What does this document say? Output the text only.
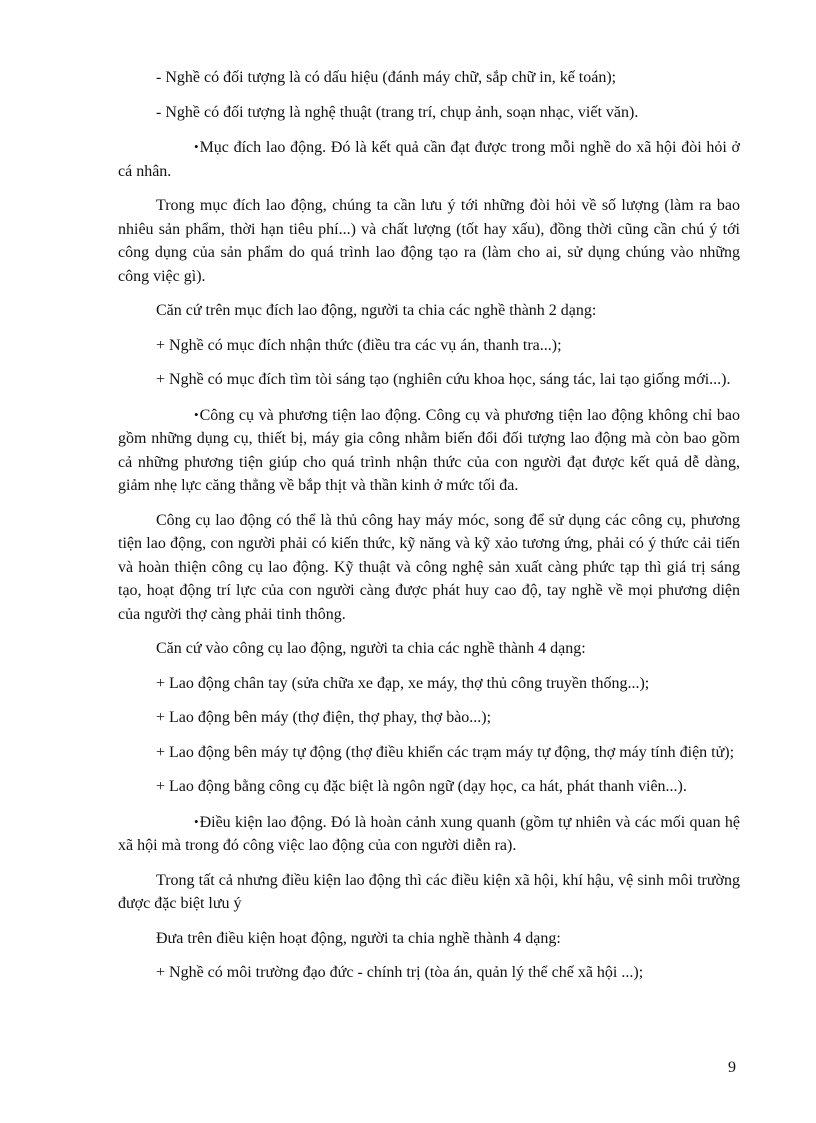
- Nghề có đối tượng là có dấu hiệu (đánh máy chữ, sắp chữ in, kế toán);

- Nghề có đối tượng là nghệ thuật (trang trí, chụp ảnh, soạn nhạc, viết văn).

•Mục đích lao động. Đó là kết quả cần đạt được trong mỗi nghề do xã hội đòi hỏi ở cá nhân.

Trong mục đích lao động, chúng ta cần lưu ý tới những đòi hỏi về số lượng (làm ra bao nhiêu sản phẩm, thời hạn tiêu phí...) và chất lượng (tốt hay xấu), đồng thời cũng cần chú ý tới công dụng của sản phẩm do quá trình lao động tạo ra (làm cho ai, sử dụng chúng vào những công việc gì).

Căn cứ trên mục đích lao động, người ta chia các nghề thành 2 dạng:

+ Nghề có mục đích nhận thức (điều tra các vụ án, thanh tra...);

+ Nghề có mục đích tìm tòi sáng tạo (nghiên cứu khoa học, sáng tác, lai tạo giống mới...).

•Công cụ và phương tiện lao động. Công cụ và phương tiện lao động không chỉ bao gồm những dụng cụ, thiết bị, máy gia công nhằm biến đổi đối tượng lao động mà còn bao gồm cả những phương tiện giúp cho quá trình nhận thức của con người đạt được kết quả dễ dàng, giảm nhẹ lực căng thẳng về bắp thịt và thần kinh ở mức tối đa.

Công cụ lao động có thể là thủ công hay máy móc, song để sử dụng các công cụ, phương tiện lao động, con người phải có kiến thức, kỹ năng và kỹ xảo tương ứng, phải có ý thức cải tiến và hoàn thiện công cụ lao động. Kỹ thuật và công nghệ sản xuất càng phức tạp thì giá trị sáng tạo, hoạt động trí lực của con người càng được phát huy cao độ, tay nghề về mọi phương diện của người thợ càng phải tinh thông.

Căn cứ vào công cụ lao động, người ta chia các nghề thành 4 dạng:

+ Lao động chân tay (sửa chữa xe đạp, xe máy, thợ thủ công truyền thống...);

+ Lao động bên máy (thợ điện, thợ phay, thợ bào...);

+ Lao động bên máy tự động (thợ điều khiển các trạm máy tự động, thợ máy tính điện tử);

+ Lao động bằng công cụ đặc biệt là ngôn ngữ (dạy học, ca hát, phát thanh viên...).

•Điều kiện lao động. Đó là hoàn cảnh xung quanh (gồm tự nhiên và các mối quan hệ xã hội mà trong đó công việc lao động của con người diễn ra).

Trong tất cả nhưng điều kiện lao động thì các điều kiện xã hội, khí hậu, vệ sinh môi trường được đặc biệt lưu ý

Đưa trên điều kiện hoạt động, người ta chia nghề thành 4 dạng:

+ Nghề có môi trường đạo đức - chính trị (tòa án, quản lý thể chế xã hội ...);

9
